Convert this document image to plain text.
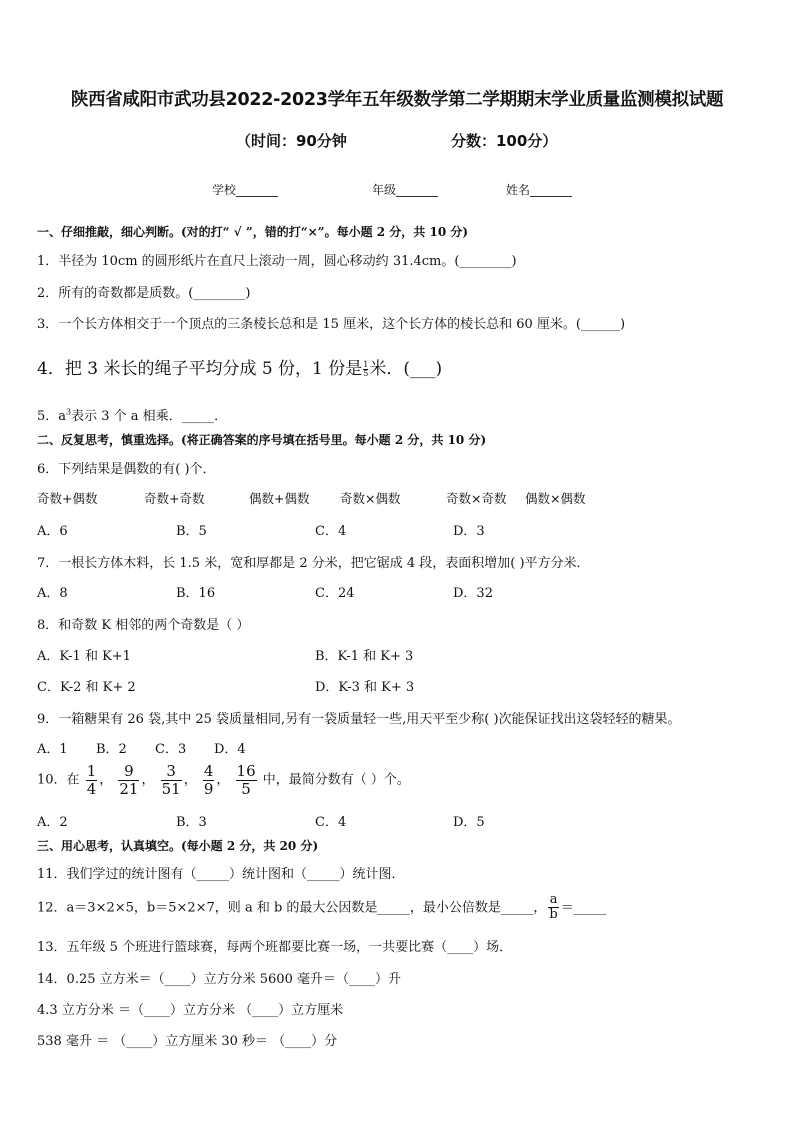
陕西省咸阳市武功县2022-2023学年五年级数学第二学期期末学业质量监测模拟试题
（时间：90分钟	分数：100分）
学校_______	年级_______	姓名_______
一、仔细推敲，细心判断。(对的打“ √ ”，错的打“×”。每小题 2 分，共 10 分)
1．半径为 10cm 的圆形纸片在直尺上滚动一周，圆心移动约 31.4cm。(________)
2．所有的奇数都是质数。(________)
3．一个长方体相交于一个顶点的三条棱长总和是 15 厘米，这个长方体的棱长总和 60 厘米。(______)
4．把 3 米长的绳子平均分成 5 份，1 份是 $\frac{1}{5}$ 米．(___)
5．$a^3$表示 3 个 a 相乘．_____．
二、反复思考，慎重选择。(将正确答案的序号填在括号里。每小题 2 分，共 10 分)
6．下列结果是偶数的有( )个．
奇数+偶数	奇数+奇数	偶数+偶数 奇数×偶数	奇数×奇数 偶数×偶数
A．6	B．5	C．4	D．3
7．一根长方体木料，长 1.5 米，宽和厚都是 2 分米，把它锯成 4 段，表面积增加( )平方分米．
A．8	B．16	C．24	D．32
8．和奇数 K 相邻的两个奇数是（ ）
A．K-1 和 K+1	B．K-1 和 K+ 3
C．K-2 和 K+ 2	D．K-3 和 K+ 3
9．一箱糖果有 26 袋,其中 25 袋质量相同,另有一袋质量轻一些,用天平至少称( )次能保证找出这袋轻轻的糖果。
A．1 B．2 C．3 D．4
10．在 $\frac{1}{4}$ ， $\frac{9}{21}$ ， $\frac{3}{51}$ ， $\frac{4}{9}$ ， $\frac{16}{5}$ 中，最简分数有（ ）个。
A．2	B．3	C．4	D．5
三、用心思考，认真填空。(每小题 2 分，共 20 分)
11．我们学过的统计图有（_____）统计图和（_____）统计图．
12．a＝3×2×5，b＝5×2×7，则 a 和 b 的最大公因数是_____，最小公倍数是_____， $\frac{a}{b}$ ＝_____
13．五年级 5 个班进行篮球赛，每两个班都要比赛一场，一共要比赛（____）场．
14．0.25 立方米＝（____）立方分米 5600 毫升＝（____）升
4.3 立方分米 ＝（____）立方分米 （____）立方厘米
538 毫升 ＝ （____）立方厘米 30 秒＝ （____）分
